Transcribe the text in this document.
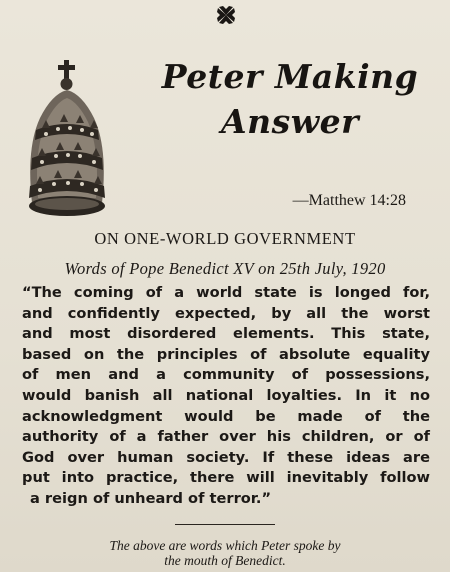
Peter Making
Answer
—Matthew 14:28
ON ONE-WORLD GOVERNMENT
Words of Pope Benedict XV on 25th July, 1920
“The coming of a world state is longed for,
and confidently expected, by all the worst
and most disordered elements. This state,
based on the principles of absolute equality
of men and a community of possessions,
would banish all national loyalties. In it no
acknowledgment would be made of the
authority of a father over his children, or of
God over human society. If these ideas are
put into practice, there will inevitably follow
a reign of unheard of terror.”
The above are words which Peter spoke by
the mouth of Benedict.
